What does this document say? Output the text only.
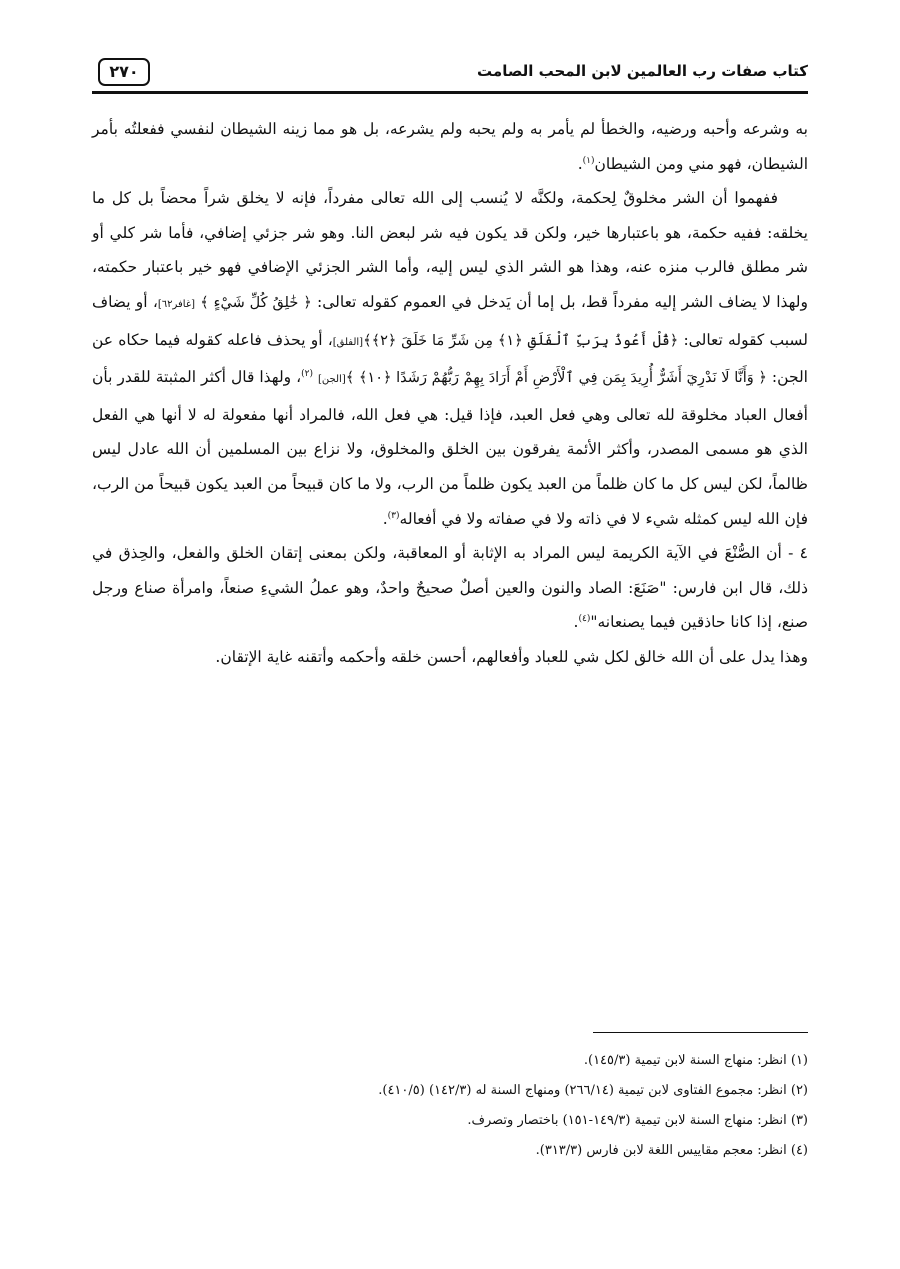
كتاب صفات رب العالمين لابن المحب الصامت
٢٧٠

به وشرعه وأحبه ورضيه، والخطأ لم يأمر به ولم يحبه ولم يشرعه، بل هو مما زينه الشيطان لنفسي ففعلتُه بأمر الشيطان، فهو مني ومن الشيطان$^{(١)}$.

ففهموا أن الشر مخلوقٌ لِحكمة، ولكنَّه لا يُنسب إلى الله تعالى مفرداً، فإنه لا يخلق شراً محضاً بل كل ما يخلقه: ففيه حكمة، هو باعتبارها خير، ولكن قد يكون فيه شر لبعض النا. وهو شر جزئي إضافي، فأما شر كلي أو شر مطلق فالرب منزه عنه، وهذا هو الشر الذي ليس إليه، وأما الشر الجزئي الإضافي فهو خير باعتبار حكمته، ولهذا لا يضاف الشر إليه مفرداً قط، بل إما أن يَدخل في العموم كقوله تعالى: ﴿ خَٰلِقُ كُلِّ شَيْءٍ ﴾ [غافر٦٢]، أو يضاف لسبب كقوله تعالى: ﴿قُلْ أَعُوذُ بِرَبِّ ٱلْفَلَقِ ﴿١﴾ مِن شَرِّ مَا خَلَقَ ﴿٢﴾﴾[الفلق]، أو يحذف فاعله كقوله فيما حكاه عن الجن: ﴿ وَأَنَّا لَا نَدْرِيٓ أَشَرٌّ أُرِيدَ بِمَن فِي ٱلْأَرْضِ أَمْ أَرَادَ بِهِمْ رَبُّهُمْ رَشَدًا ﴿١٠﴾ ﴾[الجن] $^{(٢)}$، ولهذا قال أكثر المثبتة للقدر بأن أفعال العباد مخلوقة لله تعالى وهي فعل العبد، فإذا قيل: هي فعل الله، فالمراد أنها مفعولة له لا أنها هي الفعل الذي هو مسمى المصدر، وأكثر الأئمة يفرقون بين الخلق والمخلوق، ولا نزاع بين المسلمين أن الله عادل ليس ظالماً، لكن ليس كل ما كان ظلماً من العبد يكون ظلماً من الرب، ولا ما كان قبيحاً من العبد يكون قبيحاً من الرب، فإن الله ليس كمثله شيء لا في ذاته ولا في صفاته ولا في أفعاله$^{(٣)}$.

٤ - أن الصُّنْعَ في الآية الكريمة ليس المراد به الإثابة أو المعاقبة، ولكن بمعنى إتقان الخلق والفعل، والحِذق في ذلك، قال ابن فارس: "صَنَعَ: الصاد والنون والعين أصلٌ صحيحٌ واحدٌ، وهو عملُ الشيءِ صنعاً، وامرأة صناع ورجل صنع، إذا كانا حاذقين فيما يصنعانه"$^{(٤)}$.

وهذا يدل على أن الله خالق لكل شي للعباد وأفعالهم، أحسن خلقه وأحكمه وأتقنه غاية الإتقان.

(١) انظر: منهاج السنة لابن تيمية (١٤٥/٣).

(٢) انظر: مجموع الفتاوى لابن تيمية (٢٦٦/١٤) ومنهاج السنة له (١٤٢/٣) (٤١٠/٥).

(٣) انظر: منهاج السنة لابن تيمية (١٤٩/٣-١٥١) باختصار وتصرف.

(٤) انظر: معجم مقاييس اللغة لابن فارس (٣١٣/٣).
